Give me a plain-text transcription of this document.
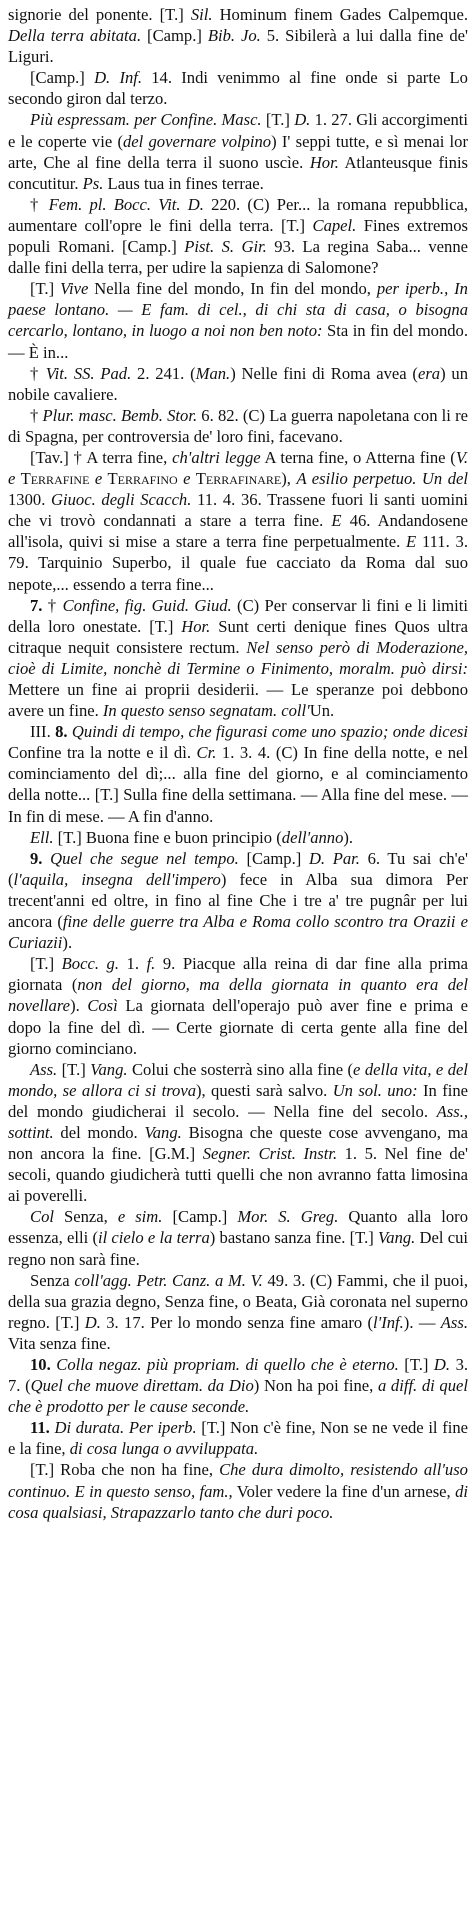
signorie del ponente. [T.] Sil. Hominum finem Gades Calpemque. Della terra abitata. [Camp.] Bib. Jo. 5. Sibilerà a lui dalla fine de' Liguri.

[Camp.] D. Inf. 14. Indi venimmo al fine onde si parte Lo secondo giron dal terzo.

Più espressam. per Confine. Masc. [T.] D. 1. 27. Gli accorgimenti e le coperte vie (del governare volpino) I' seppi tutte, e sì menai lor arte, Che al fine della terra il suono uscìe. Hor. Atlanteusque finis concutitur. Ps. Laus tua in fines terrae.

† Fem. pl. Bocc. Vit. D. 220. (C) Per... la romana repubblica, aumentare coll'opre le fini della terra. [T.] Capel. Fines extremos populi Romani. [Camp.] Pist. S. Gir. 93. La regina Saba... venne dalle fini della terra, per udire la sapienza di Salomone?

[T.] Vive Nella fine del mondo, In fin del mondo, per iperb., In paese lontano. — E fam. di cel., di chi sta di casa, o bisogna cercarlo, lontano, in luogo a noi non ben noto: Sta in fin del mondo. — È in...

† Vit. SS. Pad. 2. 241. (Man.) Nelle fini di Roma avea (era) un nobile cavaliere.

† Plur. masc. Bemb. Stor. 6. 82. (C) La guerra napoletana con li re di Spagna, per controversia de' loro fini, facevano.

[Tav.] † A terra fine, ch'altri legge A terna fine, o Atterna fine (V. e Terrafine e Terrafino e Terrafinare), A esilio perpetuo. Un del 1300. Giuoc. degli Scacch. 11. 4. 36. Trassene fuori li santi uomini che vi trovò condannati a stare a terra fine. E 46. Andandosene all'isola, quivi si mise a stare a terra fine perpetualmente. E 111. 3. 79. Tarquinio Superbo, il quale fue cacciato da Roma dal suo nepote,... essendo a terra fine...

7. † Confine, fig. Guid. Giud. (C) Per conservar li fini e li limiti della loro onestate. [T.] Hor. Sunt certi denique fines Quos ultra citraque nequit consistere rectum. Nel senso però di Moderazione, cioè di Limite, nonchè di Termine o Finimento, moralm. può dirsi: Mettere un fine ai proprii desiderii. — Le speranze poi debbono avere un fine. In questo senso segnatam. coll'Un.

III. 8. Quindi di tempo, che figurasi come uno spazio; onde dicesi Confine tra la notte e il dì. Cr. 1. 3. 4. (C) In fine della notte, e nel cominciamento del dì;... alla fine del giorno, e al cominciamento della notte... [T.] Sulla fine della settimana. — Alla fine del mese. — In fin di mese. — A fin d'anno.

Ell. [T.] Buona fine e buon principio (dell'anno).

9. Quel che segue nel tempo. [Camp.] D. Par. 6. Tu sai ch'e' (l'aquila, insegna dell'impero) fece in Alba sua dimora Per trecent'anni ed oltre, in fino al fine Che i tre a' tre pugnâr per lui ancora (fine delle guerre tra Alba e Roma collo scontro tra Orazii e Curiazii).

[T.] Bocc. g. 1. f. 9. Piacque alla reina di dar fine alla prima giornata (non del giorno, ma della giornata in quanto era del novellare). Così La giornata dell'operajo può aver fine e prima e dopo la fine del dì. — Certe giornate di certa gente alla fine del giorno cominciano.

Ass. [T.] Vang. Colui che sosterrà sino alla fine (e della vita, e del mondo, se allora ci si trova), questi sarà salvo. Un sol. uno: In fine del mondo giudicherai il secolo. — Nella fine del secolo. Ass., sottint. del mondo. Vang. Bisogna che queste cose avvengano, ma non ancora la fine. [G.M.] Segner. Crist. Instr. 1. 5. Nel fine de' secoli, quando giudicherà tutti quelli che non avranno fatta limosina ai poverelli.

Col Senza, e sim. [Camp.] Mor. S. Greg. Quanto alla loro essenza, elli (il cielo e la terra) bastano sanza fine. [T.] Vang. Del cui regno non sarà fine.

Senza coll'agg. Petr. Canz. a M. V. 49. 3. (C) Fammi, che il puoi, della sua grazia degno, Senza fine, o Beata, Già coronata nel superno regno. [T.] D. 3. 17. Per lo mondo senza fine amaro (l'Inf.). — Ass. Vita senza fine.

10. Colla negaz. più propriam. di quello che è eterno. [T.] D. 3. 7. (Quel che muove direttam. da Dio) Non ha poi fine, a diff. di quel che è prodotto per le cause seconde.

11. Di durata. Per iperb. [T.] Non c'è fine, Non se ne vede il fine e la fine, di cosa lunga o avviluppata.

[T.] Roba che non ha fine, Che dura dimolto, resistendo all'uso continuo. E in questo senso, fam., Voler vedere la fine d'un arnese, di cosa qualsiasi, Strapazzarlo tanto che duri poco.
